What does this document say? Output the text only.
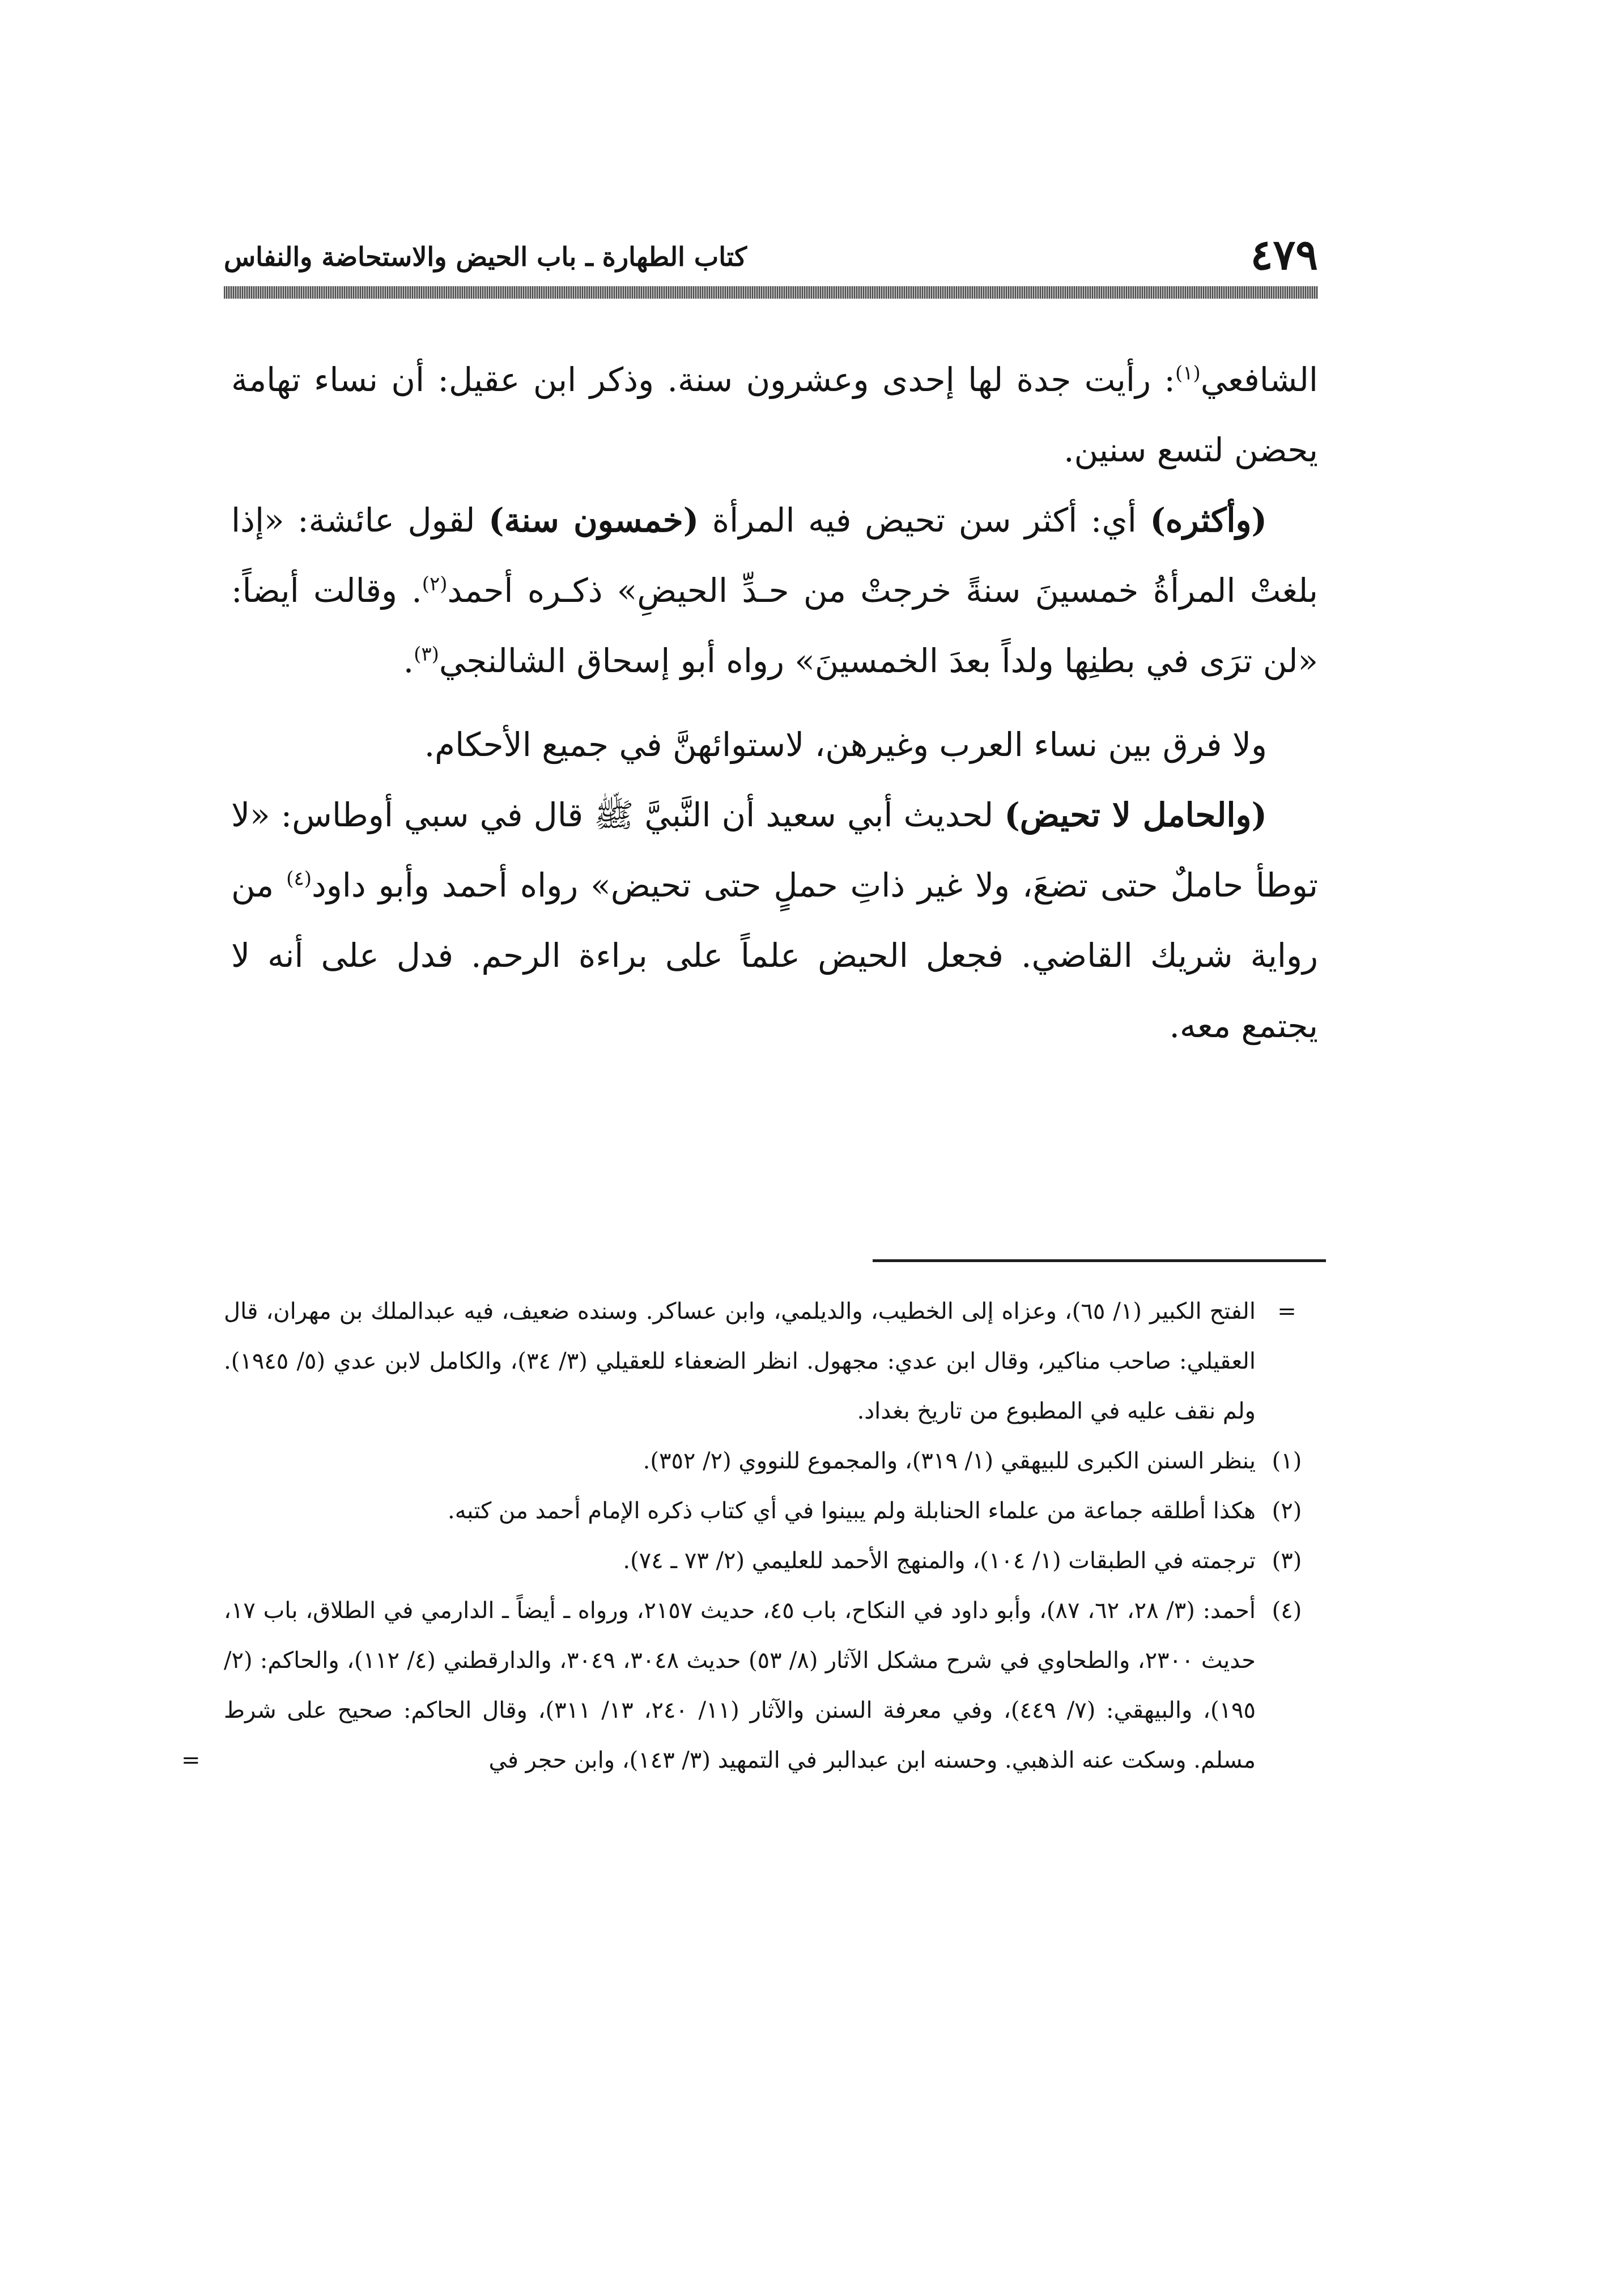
٤٧٩
كتاب الطهارة ـ باب الحيض والاستحاضة والنفاس

الشافعي$^{(١)}$: رأيت جدة لها إحدى وعشرون سنة. وذكر ابن عقيل: أن نساء تهامة يحضن لتسع سنين.

(وأكثره) أي: أكثر سن تحيض فيه المرأة (خمسون سنة) لقول عائشة: «إذا بلغتْ المرأةُ خمسينَ سنةً خرجتْ من حـدِّ الحيضِ» ذكـره أحمد$^{(٢)}$. وقالت أيضاً: «لن ترَى في بطنِها ولداً بعدَ الخمسينَ» رواه أبو إسحاق الشالنجي$^{(٣)}$.

ولا فرق بين نساء العرب وغيرهن، لاستوائهنَّ في جميع الأحكام.

(والحامل لا تحيض) لحديث أبي سعيد أن النَّبيَّ ﷺ قال في سبي أوطاس: «لا توطأ حاملٌ حتى تضعَ، ولا غير ذاتِ حملٍ حتى تحيض» رواه أحمد وأبو داود$^{(٤)}$ من رواية شريك القاضي. فجعل الحيض علماً على براءة الرحم. فدل على أنه لا يجتمع معه.

=
الفتح الكبير (١/ ٦٥)، وعزاه إلى الخطيب، والديلمي، وابن عساكر. وسنده ضعيف، فيه عبدالملك بن مهران، قال العقيلي: صاحب مناكير، وقال ابن عدي: مجهول. انظر الضعفاء للعقيلي (٣/ ٣٤)، والكامل لابن عدي (٥/ ١٩٤٥). ولم نقف عليه في المطبوع من تاريخ بغداد.
(١)
ينظر السنن الكبرى للبيهقي (١/ ٣١٩)، والمجموع للنووي (٢/ ٣٥٢).
(٢)
هكذا أطلقه جماعة من علماء الحنابلة ولم يبينوا في أي كتاب ذكره الإمام أحمد من كتبه.
(٣)
ترجمته في الطبقات (١/ ١٠٤)، والمنهج الأحمد للعليمي (٢/ ٧٣ ـ ٧٤).
(٤)
أحمد: (٣/ ٢٨، ٦٢، ٨٧)، وأبو داود في النكاح، باب ٤٥، حديث ٢١٥٧، ورواه ـ أيضاً ـ الدارمي في الطلاق، باب ١٧، حديث ٢٣٠٠، والطحاوي في شرح مشكل الآثار (٨/ ٥٣) حديث ٣٠٤٨، ٣٠٤٩، والدارقطني (٤/ ١١٢)، والحاكم: (٢/ ١٩٥)، والبيهقي: (٧/ ٤٤٩)، وفي معرفة السنن والآثار (١١/ ٢٤٠، ١٣/ ٣١١)، وقال الحاكم: صحيح على شرط مسلم. وسكت عنه الذهبي. وحسنه ابن عبدالبر في التمهيد (٣/ ١٤٣)، وابن حجر في
=
